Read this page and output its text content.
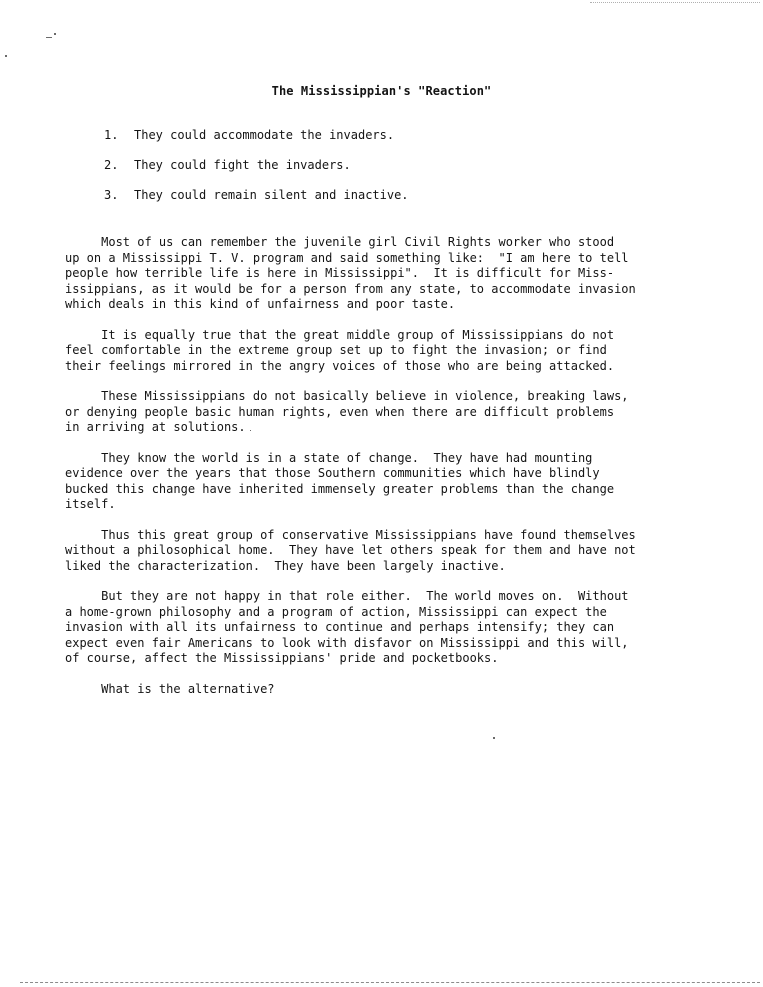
The Mississippian's "Reaction"
1. They could accommodate the invaders.
2. They could fight the invaders.
3. They could remain silent and inactive.

Most of us can remember the juvenile girl Civil Rights worker who stood
up on a Mississippi T. V. program and said something like:  "I am here to tell
people how terrible life is here in Mississippi".  It is difficult for Miss-
issippians, as it would be for a person from any state, to accommodate invasion
which deals in this kind of unfairness and poor taste.

It is equally true that the great middle group of Mississippians do not
feel comfortable in the extreme group set up to fight the invasion; or find
their feelings mirrored in the angry voices of those who are being attacked.

These Mississippians do not basically believe in violence, breaking laws,
or denying people basic human rights, even when there are difficult problems
in arriving at solutions.

They know the world is in a state of change.  They have had mounting
evidence over the years that those Southern communities which have blindly
bucked this change have inherited immensely greater problems than the change
itself.

Thus this great group of conservative Mississippians have found themselves
without a philosophical home.  They have let others speak for them and have not
liked the characterization.  They have been largely inactive.

But they are not happy in that role either.  The world moves on.  Without
a home-grown philosophy and a program of action, Mississippi can expect the
invasion with all its unfairness to continue and perhaps intensify; they can
expect even fair Americans to look with disfavor on Mississippi and this will,
of course, affect the Mississippians' pride and pocketbooks.

What is the alternative?
